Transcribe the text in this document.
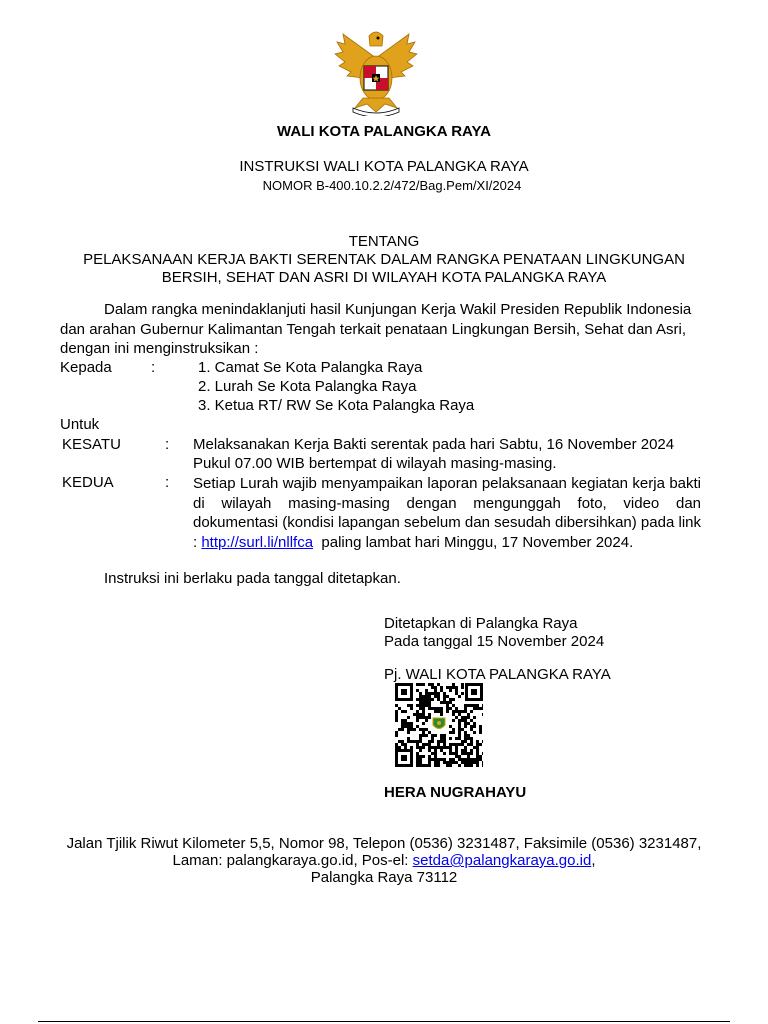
WALI KOTA PALANGKA RAYA
INSTRUKSI WALI KOTA PALANGKA RAYA
NOMOR B-400.10.2.2/472/Bag.Pem/XI/2024
TENTANG
PELAKSANAAN KERJA BAKTI SERENTAK DALAM RANGKA PENATAAN LINGKUNGAN
BERSIH, SEHAT DAN ASRI DI WILAYAH KOTA PALANGKA RAYA
Dalam rangka menindaklanjuti hasil Kunjungan Kerja Wakil Presiden Republik Indonesia
dan arahan Gubernur Kalimantan Tengah terkait penataan Lingkungan Bersih, Sehat dan Asri,
dengan ini menginstruksikan :
Kepada	:	1. Camat Se Kota Palangka Raya
2. Lurah Se Kota Palangka Raya
3. Ketua RT/ RW Se Kota Palangka Raya
Untuk
KESATU	: Melaksanakan Kerja Bakti serentak pada hari Sabtu, 16 November 2024
Pukul 07.00 WIB bertempat di wilayah masing-masing.
KEDUA	: Setiap Lurah wajib menyampaikan laporan pelaksanaan kegiatan kerja bakti di wilayah masing-masing dengan mengunggah foto, video dan dokumentasi (kondisi lapangan sebelum dan sesudah dibersihkan) pada link : http://surl.li/nllfca  paling lambat hari Minggu, 17 November 2024.
Instruksi ini berlaku pada tanggal ditetapkan.
Ditetapkan di Palangka Raya
Pada tanggal 15 November 2024
Pj. WALI KOTA PALANGKA RAYA
HERA NUGRAHAYU
Jalan Tjilik Riwut Kilometer 5,5, Nomor 98, Telepon (0536) 3231487, Faksimile (0536) 3231487,
Laman: palangkaraya.go.id, Pos-el: setda@palangkaraya.go.id,
Palangka Raya 73112
